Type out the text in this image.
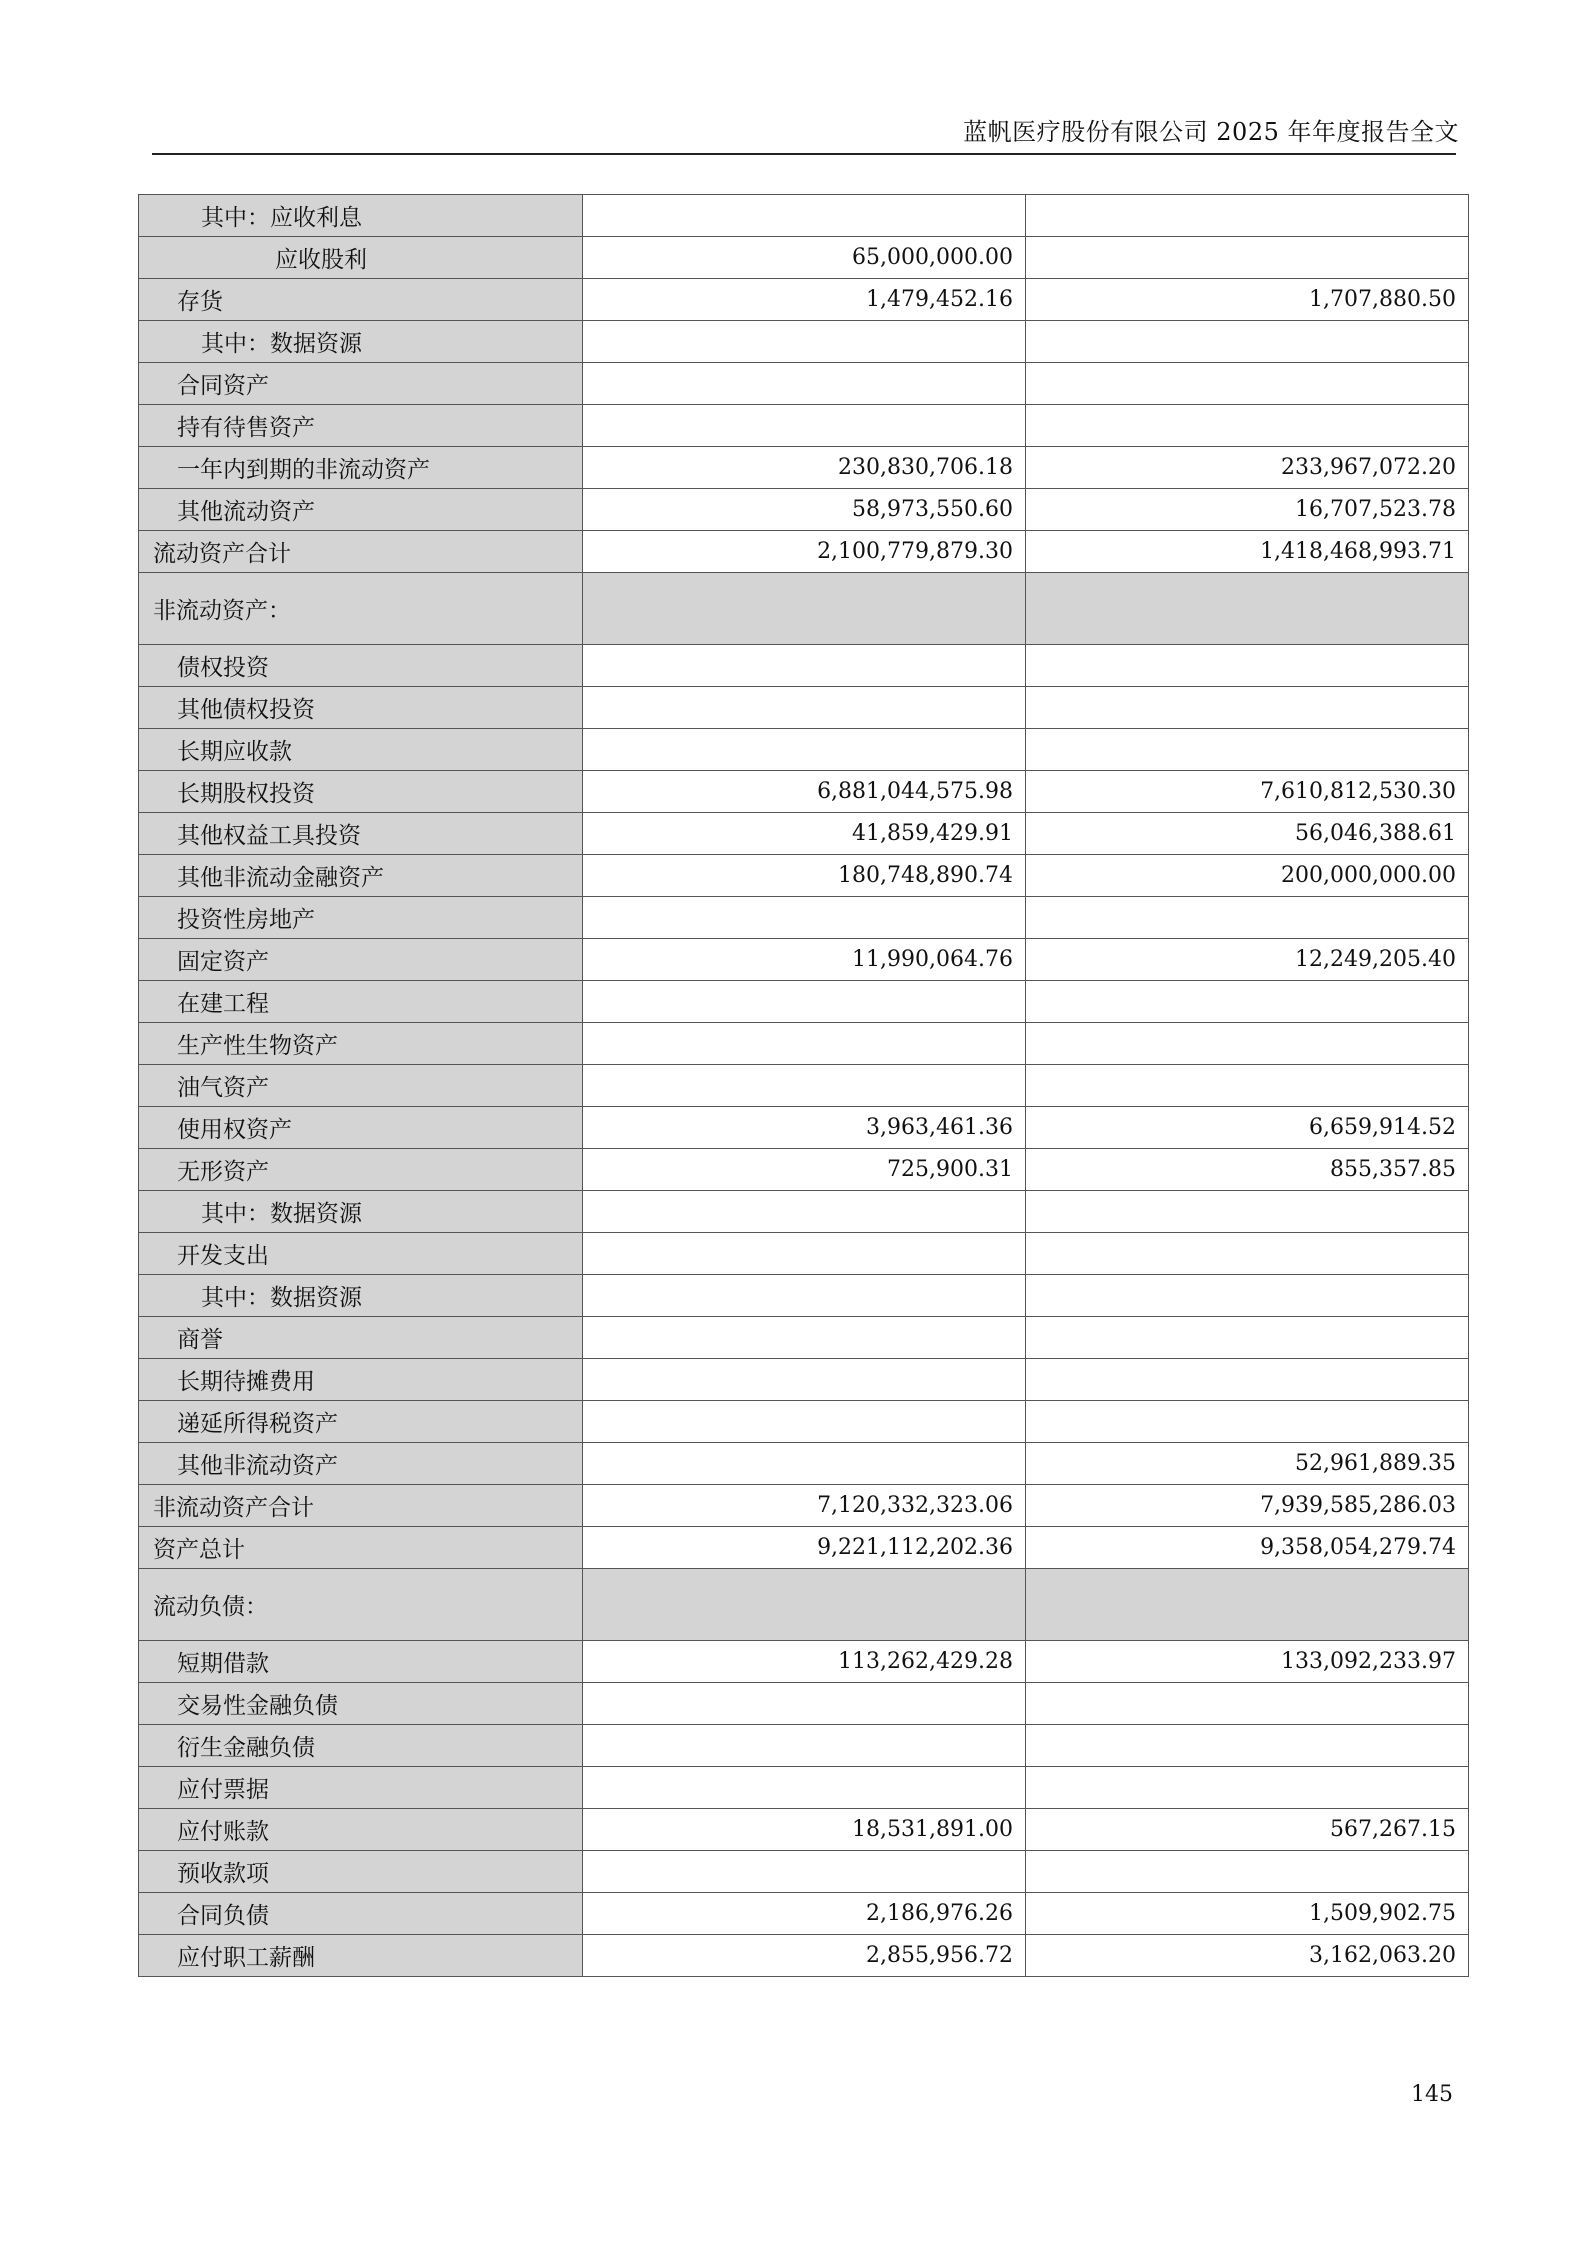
蓝帆医疗股份有限公司 2025 年年度报告全文
其中：应收利息		
应收股利	65,000,000.00	
存货	1,479,452.16	1,707,880.50
其中：数据资源		
合同资产		
持有待售资产		
一年内到期的非流动资产	230,830,706.18	233,967,072.20
其他流动资产	58,973,550.60	16,707,523.78
流动资产合计	2,100,779,879.30	1,418,468,993.71
非流动资产：		
债权投资		
其他债权投资		
长期应收款		
长期股权投资	6,881,044,575.98	7,610,812,530.30
其他权益工具投资	41,859,429.91	56,046,388.61
其他非流动金融资产	180,748,890.74	200,000,000.00
投资性房地产		
固定资产	11,990,064.76	12,249,205.40
在建工程		
生产性生物资产		
油气资产		
使用权资产	3,963,461.36	6,659,914.52
无形资产	725,900.31	855,357.85
其中：数据资源		
开发支出		
其中：数据资源		
商誉		
长期待摊费用		
递延所得税资产		
其他非流动资产		52,961,889.35
非流动资产合计	7,120,332,323.06	7,939,585,286.03
资产总计	9,221,112,202.36	9,358,054,279.74
流动负债：		
短期借款	113,262,429.28	133,092,233.97
交易性金融负债		
衍生金融负债		
应付票据		
应付账款	18,531,891.00	567,267.15
预收款项		
合同负债	2,186,976.26	1,509,902.75
应付职工薪酬	2,855,956.72	3,162,063.20
145
